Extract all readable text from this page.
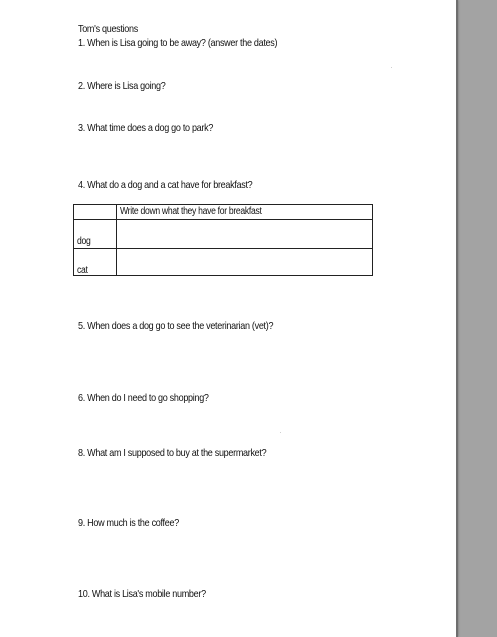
Tom's questions
1. When is Lisa going to be away? (answer the dates)
2. Where is Lisa going?
3. What time does a dog go to park?
4. What do a dog and a cat have for breakfast?
Write down what they have for breakfast
dog
cat
5. When does a dog go to see the veterinarian (vet)?
6. When do I need to go shopping?
8. What am I supposed to buy at the supermarket?
9. How much is the coffee?
10. What is Lisa's mobile number?
